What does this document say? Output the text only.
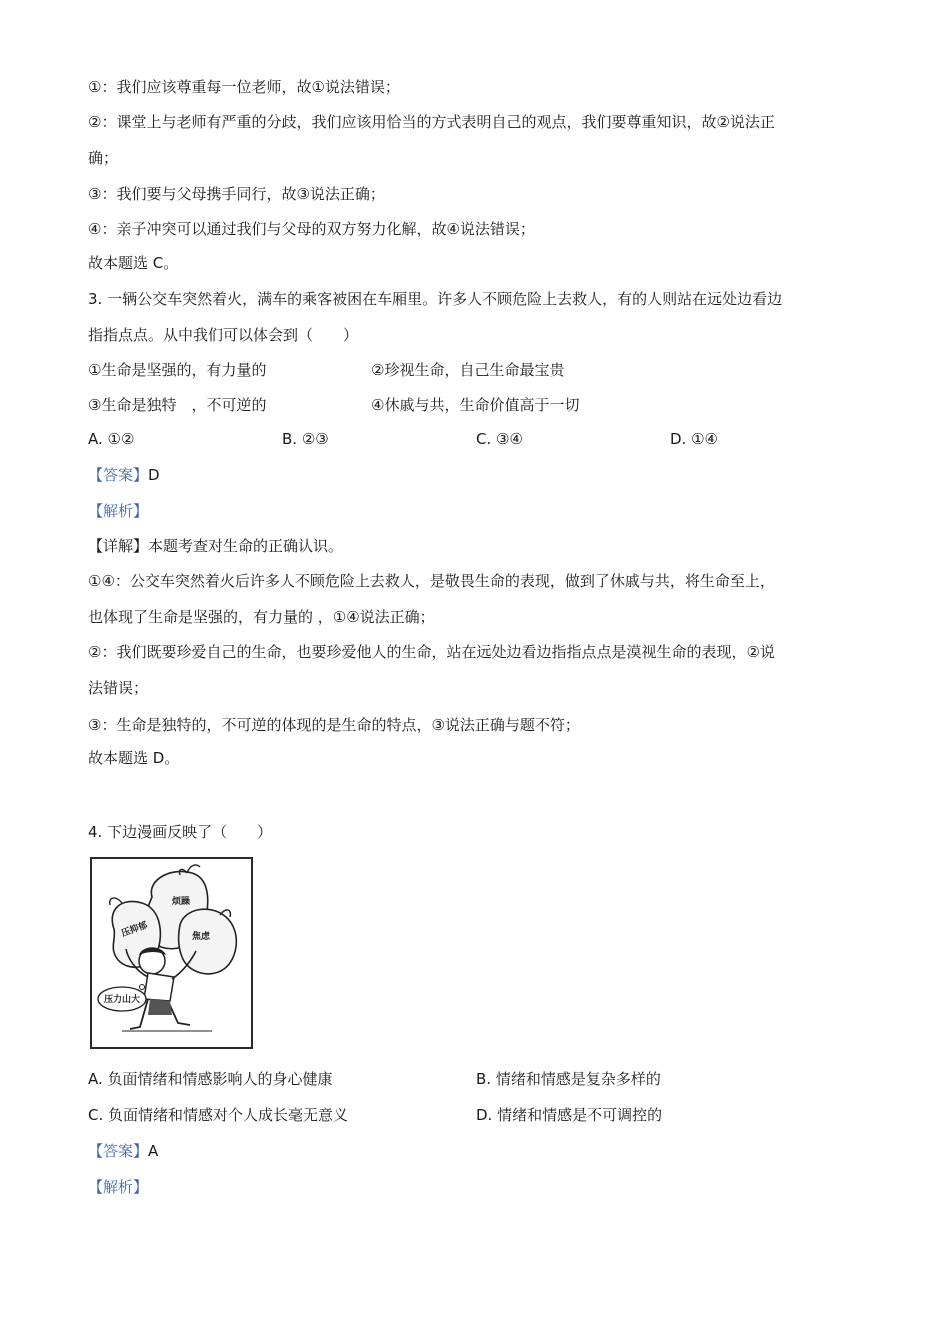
①：我们应该尊重每一位老师，故①说法错误；
②：课堂上与老师有严重的分歧，我们应该用恰当的方式表明自己的观点，我们要尊重知识，故②说法正
确；
③：我们要与父母携手同行，故③说法正确；
④：亲子冲突可以通过我们与父母的双方努力化解，故④说法错误；
故本题选 C。
3. 一辆公交车突然着火，满车的乘客被困在车厢里。许多人不顾危险上去救人，有的人则站在远处边看边
指指点点。从中我们可以体会到（　　）
①生命是坚强的，有力量的	②珍视生命，自己生命最宝贵
③生命是独特　，不可逆的	④休戚与共，生命价值高于一切
A. ①②	B. ②③	C. ③④	D. ①④
【答案】D
【解析】
【详解】本题考查对生命的正确认识。
①④：公交车突然着火后许多人不顾危险上去救人，是敬畏生命的表现，做到了休戚与共，将生命至上，
也体现了生命是坚强的，有力量的 ，①④说法正确；
②：我们既要珍爱自己的生命，也要珍爱他人的生命，站在远处边看边指指点点是漠视生命的表现，②说
法错误；
③：生命是独特的，不可逆的体现的是生命的特点，③说法正确与题不符；
故本题选 D。
4. 下边漫画反映了（　　）
烦躁
压抑郁	焦虑
压力山大
A. 负面情绪和情感影响人的身心健康	B. 情绪和情感是复杂多样的
C. 负面情绪和情感对个人成长毫无意义	D. 情绪和情感是不可调控的
【答案】A
【解析】
